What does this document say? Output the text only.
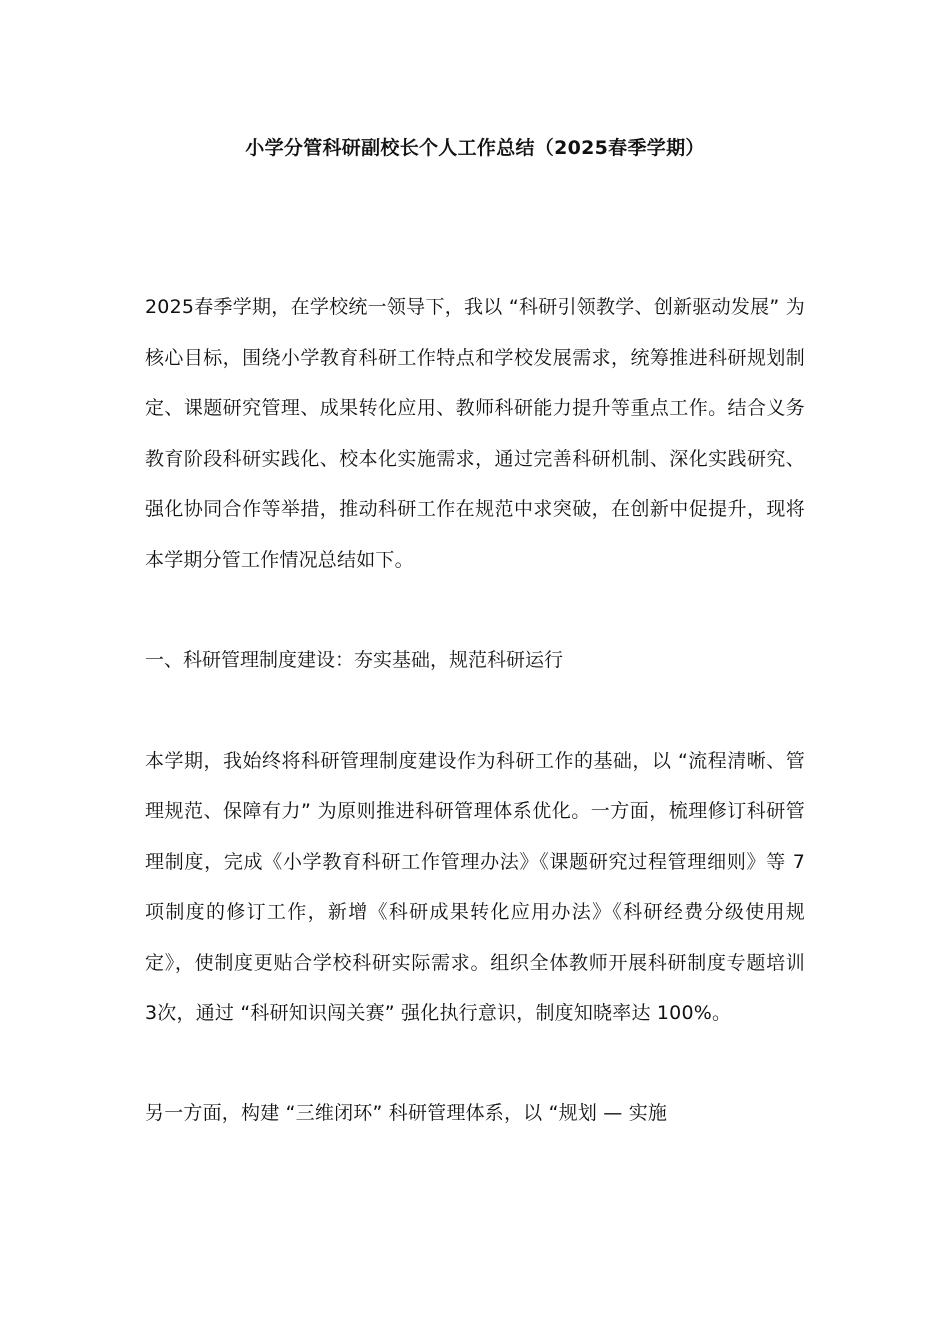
小学分管科研副校长个人工作总结（2025春季学期）

2025春季学期，在学校统一领导下，我以 “科研引领教学、创新驱动发展” 为核心目标，围绕小学教育科研工作特点和学校发展需求，统筹推进科研规划制定、课题研究管理、成果转化应用、教师科研能力提升等重点工作。结合义务教育阶段科研实践化、校本化实施需求，通过完善科研机制、深化实践研究、强化协同合作等举措，推动科研工作在规范中求突破，在创新中促提升，现将本学期分管工作情况总结如下。

一、科研管理制度建设：夯实基础，规范科研运行

本学期，我始终将科研管理制度建设作为科研工作的基础，以 “流程清晰、管理规范、保障有力” 为原则推进科研管理体系优化。一方面，梳理修订科研管理制度，完成《小学教育科研工作管理办法》《课题研究过程管理细则》等 7项制度的修订工作，新增《科研成果转化应用办法》《科研经费分级使用规定》，使制度更贴合学校科研实际需求。组织全体教师开展科研制度专题培训 3次，通过 “科研知识闯关赛” 强化执行意识，制度知晓率达 100%。

另一方面，构建 “三维闭环” 科研管理体系，以 “规划 — 实施
